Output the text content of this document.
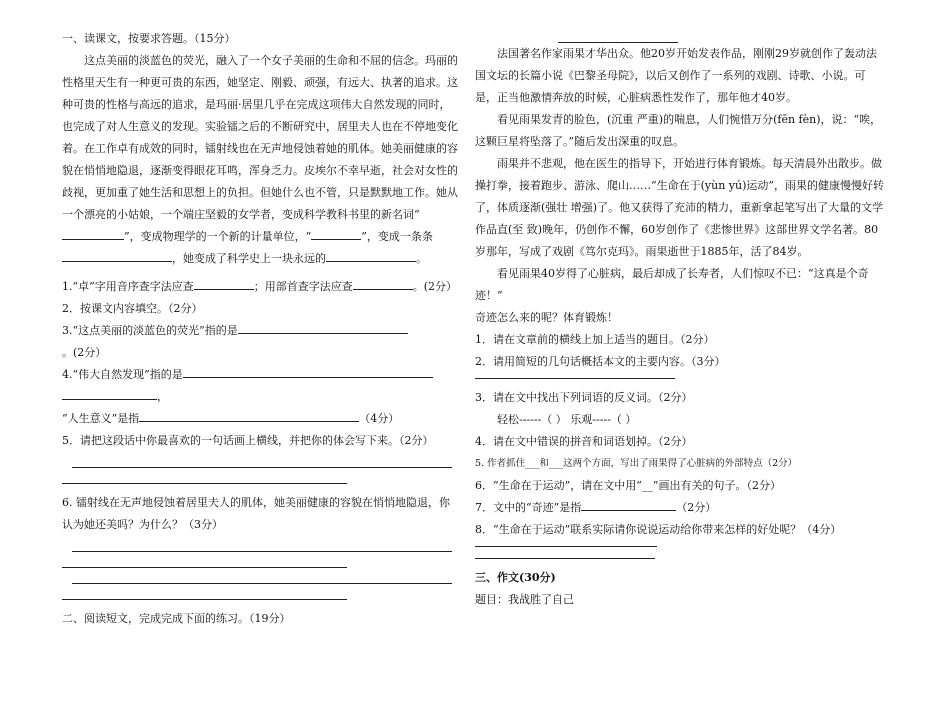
一、读课文，按要求答题。（15分）

这点美丽的淡蓝色的荧光，融入了一个女子美丽的生命和不屈的信念。玛丽的性格里天生有一种更可贵的东西，她坚定、刚毅、顽强，有远大、执著的追求。这种可贵的性格与高远的追求，是玛丽·居里几乎在完成这项伟大自然发现的同时，也完成了对人生意义的发现。实验镭之后的不断研究中，居里夫人也在不停地变化着。在工作卓有成效的同时，镭射线也在无声地侵蚀着她的肌体。她美丽健康的容貌在悄悄地隐退，逐渐变得眼花耳鸣，浑身乏力。皮埃尔不幸早逝，社会对女性的歧视，更加重了她生活和思想上的负担。但她什么也不管，只是默默地工作。她从一个漂亮的小姑娘，一个端庄坚毅的女学者，变成科学教科书里的新名词“”，变成物理学的一个新的计量单位，“	”，变成一条条，她变成了科学史上一块永远的	。

1.“卓”字用音序查字法应查	；用部首查字法应查	。(2分）

2．按课文内容填空。（2分）

3.“这点美丽的淡蓝色的荧光”指的是

。(2分）

4.“伟大自然发现”指的是

，

“人生意义”是指	（4分）

5．请把这段话中你最喜欢的一句话画上横线，并把你的体会写下来。（2分）

6. 镭射线在无声地侵蚀着居里夫人的肌体，她美丽健康的容貌在悄悄地隐退，你认为她还美吗？为什么？（3分）

二、阅读短文，完成完成下面的练习。（19分）

法国著名作家雨果才华出众。他20岁开始发表作品，刚刚29岁就创作了轰动法国文坛的长篇小说《巴黎圣母院》，以后又创作了一系列的戏剧、诗歌、小说。可是，正当他激情奔放的时候，心脏病悉性发作了，那年他才40岁。

看见雨果发青的脸色，(沉重 严重)的喘息，人们惋惜万分(fēn fèn)，说：“唉，这颗巨星将坠落了。”随后发出深重的叹息。

雨果并不悲观，他在医生的指导下，开始进行体育锻炼。每天清晨外出散步。做操打拳，接着跑步、游泳、爬山……“生命在于(yùn yú)运动”，雨果的健康慢慢好转了，体质逐渐(强壮 增强)了。他又获得了充沛的精力，重新拿起笔写出了大量的文学作品直(至 致)晚年，仍创作不懈，60岁创作了《悲惨世界》这部世界文学名著。80岁那年，写成了戏剧《笃尔克玛》。雨果逝世于1885年，活了84岁。

看见雨果40岁得了心脏病，最后却成了长寿者，人们惊叹不已：“这真是个奇迹！”

奇迹怎么来的呢？体育锻炼！

1．请在文章前的横线上加上适当的题目。（2分）

2．请用简短的几句话概括本文的主要内容。（3分）

3．请在文中找出下列词语的反义词。（2分）

轻松------（ ） 乐观-----（ ）

4．请在文中错误的拼音和词语划掉。（2分）

5. 作者抓住___和___这两个方面，写出了雨果得了心脏病的外部特点（2分）

6．“生命在于运动”，请在文中用“__”画出有关的句子。（2分）

7．文中的“奇迹”是指	（2分）

8．“生命在于运动”联系实际请你说说运动给你带来怎样的好处呢？（4分）

三、作文(30分)

题目：我战胜了自己
